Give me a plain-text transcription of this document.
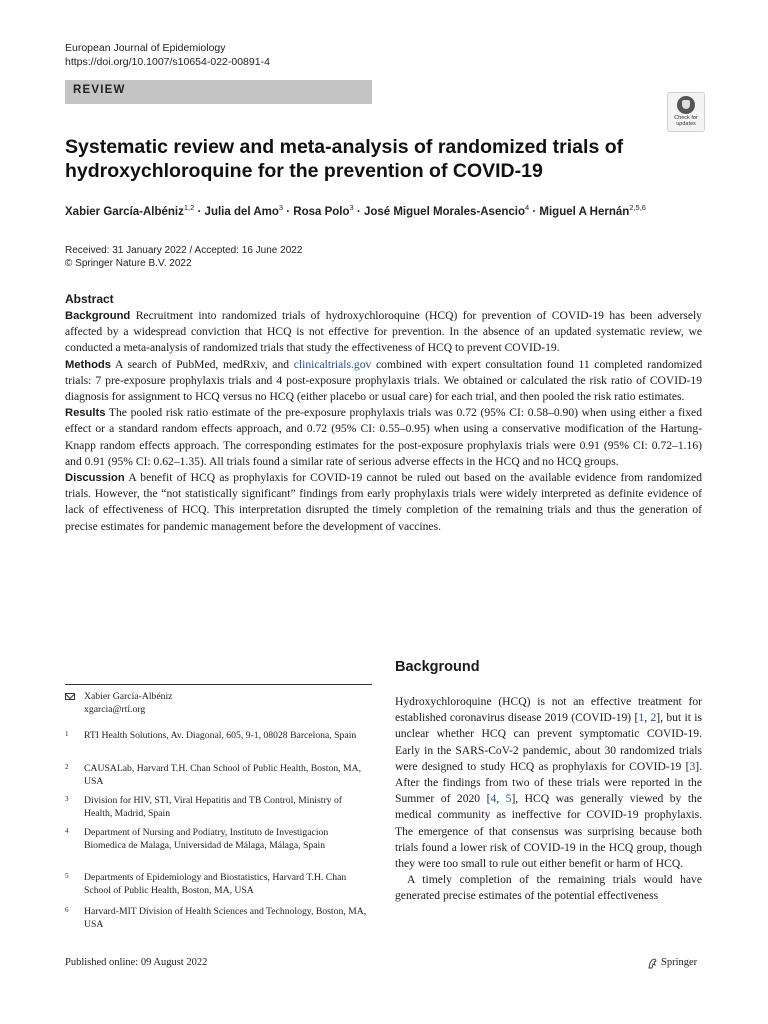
European Journal of Epidemiology
https://doi.org/10.1007/s10654-022-00891-4
REVIEW
Check for updates
Systematic review and meta-analysis of randomized trials of hydroxychloroquine for the prevention of COVID-19
Xabier García-Albéniz$^{1,2}$ · Julia del Amo$^3$ · Rosa Polo$^3$ · José Miguel Morales-Asencio$^4$ · Miguel A Hernán$^{2,5,6}$
Received: 31 January 2022 / Accepted: 16 June 2022
© Springer Nature B.V. 2022
Abstract

Background Recruitment into randomized trials of hydroxychloroquine (HCQ) for prevention of COVID-19 has been adversely affected by a widespread conviction that HCQ is not effective for prevention. In the absence of an updated systematic review, we conducted a meta-analysis of randomized trials that study the effectiveness of HCQ to prevent COVID-19.

Methods A search of PubMed, medRxiv, and clinicaltrials.gov combined with expert consultation found 11 completed randomized trials: 7 pre-exposure prophylaxis trials and 4 post-exposure prophylaxis trials. We obtained or calculated the risk ratio of COVID-19 diagnosis for assignment to HCQ versus no HCQ (either placebo or usual care) for each trial, and then pooled the risk ratio estimates.

Results The pooled risk ratio estimate of the pre-exposure prophylaxis trials was 0.72 (95% CI: 0.58–0.90) when using either a fixed effect or a standard random effects approach, and 0.72 (95% CI: 0.55–0.95) when using a conservative modification of the Hartung-Knapp random effects approach. The corresponding estimates for the post-exposure prophylaxis trials were 0.91 (95% CI: 0.72–1.16) and 0.91 (95% CI: 0.62–1.35). All trials found a similar rate of serious adverse effects in the HCQ and no HCQ groups.

Discussion A benefit of HCQ as prophylaxis for COVID-19 cannot be ruled out based on the available evidence from randomized trials. However, the “not statistically significant” findings from early prophylaxis trials were widely interpreted as definite evidence of lack of effectiveness of HCQ. This interpretation disrupted the timely completion of the remaining trials and thus the generation of precise estimates for pandemic management before the development of vaccines.

Xabier García-Albéniz
xgarcia@rti.org
1 RTI Health Solutions, Av. Diagonal, 605, 9-1, 08028 Barcelona, Spain
2 CAUSALab, Harvard T.H. Chan School of Public Health, Boston, MA, USA
3 Division for HIV, STI, Viral Hepatitis and TB Control, Ministry of Health, Madrid, Spain
4 Department of Nursing and Podiatry, Instituto de Investigacion Biomedica de Malaga, Universidad de Málaga, Málaga, Spain
5 Departments of Epidemiology and Biostatistics, Harvard T.H. Chan School of Public Health, Boston, MA, USA
6 Harvard-MIT Division of Health Sciences and Technology, Boston, MA, USA
Background

Hydroxychloroquine (HCQ) is not an effective treatment for established coronavirus disease 2019 (COVID-19) [1, 2], but it is unclear whether HCQ can prevent symptomatic COVID-19. Early in the SARS-CoV-2 pandemic, about 30 randomized trials were designed to study HCQ as prophylaxis for COVID-19 [3]. After the findings from two of these trials were reported in the Summer of 2020 [4, 5], HCQ was generally viewed by the medical community as ineffective for COVID-19 prophylaxis. The emergence of that consensus was surprising because both trials found a lower risk of COVID-19 in the HCQ group, though they were too small to rule out either benefit or harm of HCQ.

A timely completion of the remaining trials would have generated precise estimates of the potential effectiveness

Published online: 09 August 2022	Springer
